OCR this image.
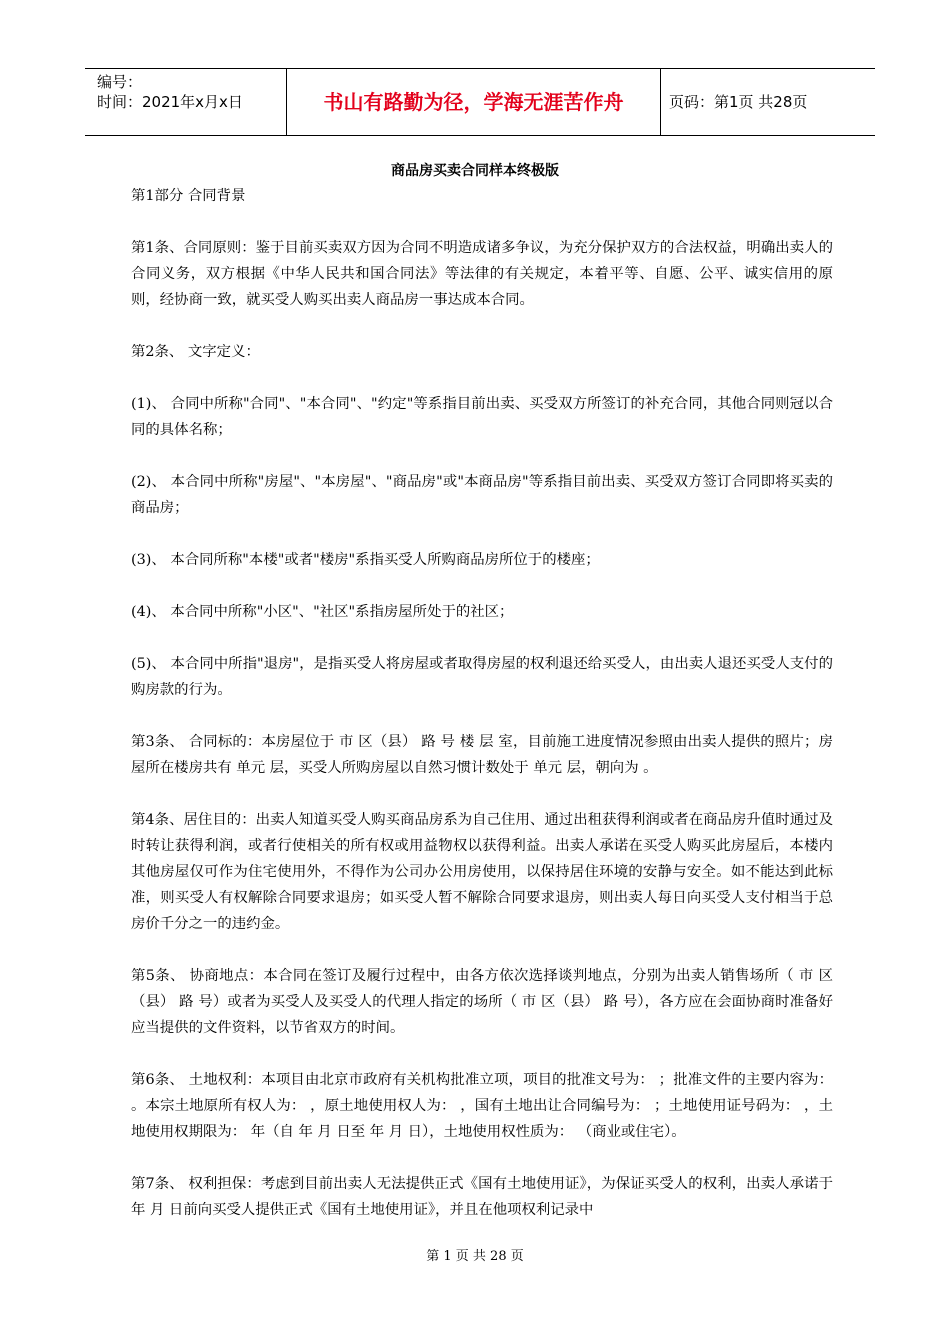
编号：
时间：2021年x月x日	书山有路勤为径，学海无涯苦作舟	页码：第1页 共28页
商品房买卖合同样本终极版

第1部分 合同背景

第1条、合同原则：鉴于目前买卖双方因为合同不明造成诸多争议，为充分保护双方的合法权益，明确出卖人的合同义务，双方根据《中华人民共和国合同法》等法律的有关规定，本着平等、自愿、公平、诚实信用的原则，经协商一致，就买受人购买出卖人商品房一事达成本合同。

第2条、 文字定义：

(1)、 合同中所称"合同"、"本合同"、"约定"等系指目前出卖、买受双方所签订的补充合同，其他合同则冠以合同的具体名称；

(2)、 本合同中所称"房屋"、"本房屋"、"商品房"或"本商品房"等系指目前出卖、买受双方签订合同即将买卖的商品房；

(3)、 本合同所称"本楼"或者"楼房"系指买受人所购商品房所位于的楼座；

(4)、 本合同中所称"小区"、"社区"系指房屋所处于的社区；

(5)、 本合同中所指"退房"，是指买受人将房屋或者取得房屋的权利退还给买受人，由出卖人退还买受人支付的购房款的行为。

第3条、 合同标的：本房屋位于 市 区（县） 路 号 楼 层 室，目前施工进度情况参照由出卖人提供的照片；房屋所在楼房共有 单元 层，买受人所购房屋以自然习惯计数处于 单元 层，朝向为 。

第4条、居住目的：出卖人知道买受人购买商品房系为自己住用、通过出租获得利润或者在商品房升值时通过及时转让获得利润，或者行使相关的所有权或用益物权以获得利益。出卖人承诺在买受人购买此房屋后，本楼内其他房屋仅可作为住宅使用外，不得作为公司办公用房使用，以保持居住环境的安静与安全。如不能达到此标准，则买受人有权解除合同要求退房；如买受人暂不解除合同要求退房，则出卖人每日向买受人支付相当于总房价千分之一的违约金。

第5条、 协商地点：本合同在签订及履行过程中，由各方依次选择谈判地点，分别为出卖人销售场所（ 市 区（县） 路 号）或者为买受人及买受人的代理人指定的场所（ 市 区（县） 路 号），各方应在会面协商时准备好应当提供的文件资料，以节省双方的时间。

第6条、 土地权利：本项目由北京市政府有关机构批准立项，项目的批准文号为： ；批准文件的主要内容为： 。本宗土地原所有权人为： ，原土地使用权人为： ，国有土地出让合同编号为： ；土地使用证号码为： ，土地使用权期限为： 年（自 年 月 日至 年 月 日），土地使用权性质为： （商业或住宅）。

第7条、 权利担保：考虑到目前出卖人无法提供正式《国有土地使用证》，为保证买受人的权利，出卖人承诺于 年 月 日前向买受人提供正式《国有土地使用证》，并且在他项权利记录中

第 1 页 共 28 页
